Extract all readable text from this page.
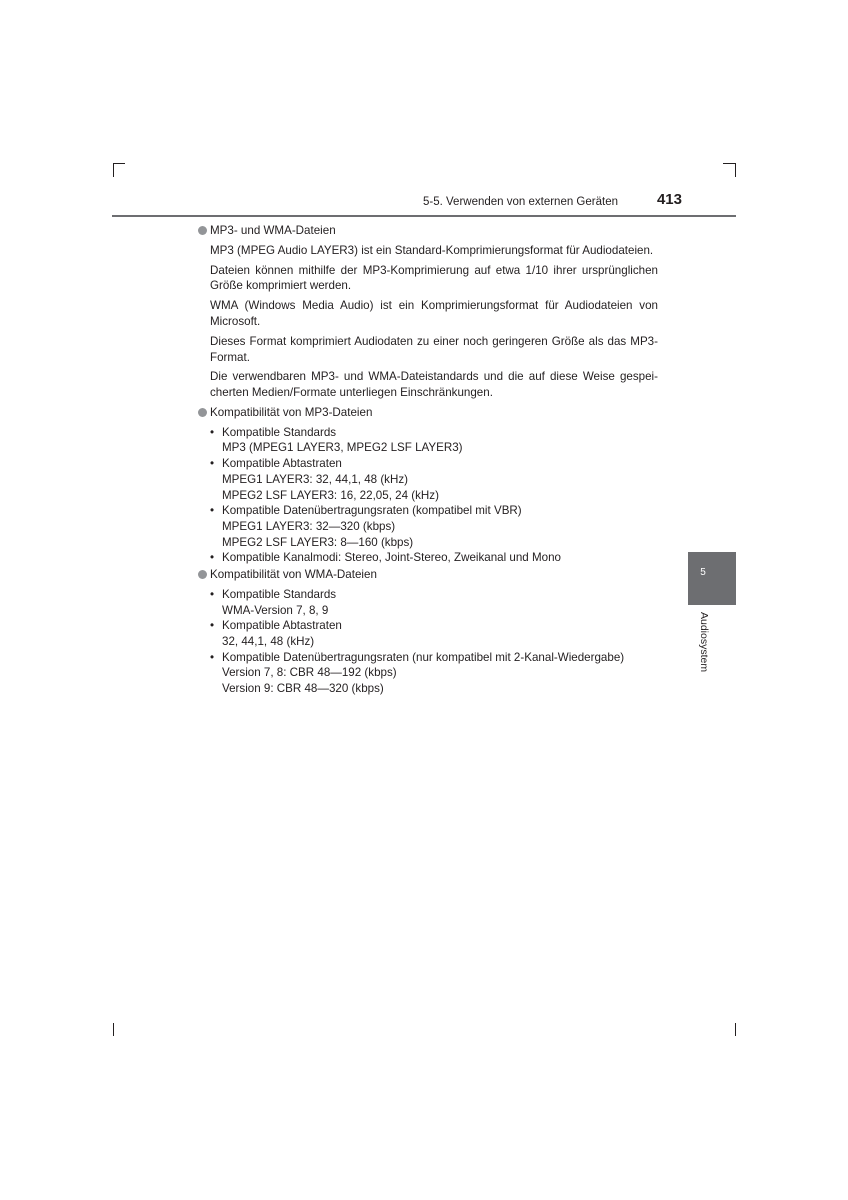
5-5. Verwenden von externen Geräten	413
MP3- und WMA-Dateien

MP3 (MPEG Audio LAYER3) ist ein Standard-Komprimierungsformat für Audiodateien.

Dateien können mithilfe der MP3-Komprimierung auf etwa 1/10 ihrer ursprünglichen Größe komprimiert werden.

WMA (Windows Media Audio) ist ein Komprimierungsformat für Audiodateien von Microsoft.

Dieses Format komprimiert Audiodaten zu einer noch geringeren Größe als das MP3-Format.

Die verwendbaren MP3- und WMA-Dateistandards und die auf diese Weise gespeicherten Medien/Formate unterliegen Einschränkungen.

Kompatibilität von MP3-Dateien
• Kompatible Standards
MP3 (MPEG1 LAYER3, MPEG2 LSF LAYER3)
• Kompatible Abtastraten
MPEG1 LAYER3: 32, 44,1, 48 (kHz)
MPEG2 LSF LAYER3: 16, 22,05, 24 (kHz)
• Kompatible Datenübertragungsraten (kompatibel mit VBR)
MPEG1 LAYER3: 32—320 (kbps)
MPEG2 LSF LAYER3: 8—160 (kbps)
• Kompatible Kanalmodi: Stereo, Joint-Stereo, Zweikanal und Mono
Kompatibilität von WMA-Dateien
• Kompatible Standards
WMA-Version 7, 8, 9
• Kompatible Abtastraten
32, 44,1, 48 (kHz)
• Kompatible Datenübertragungsraten (nur kompatibel mit 2-Kanal-Wiedergabe)
Version 7, 8: CBR 48—192 (kbps)
Version 9: CBR 48—320 (kbps)
5
Audiosystem
